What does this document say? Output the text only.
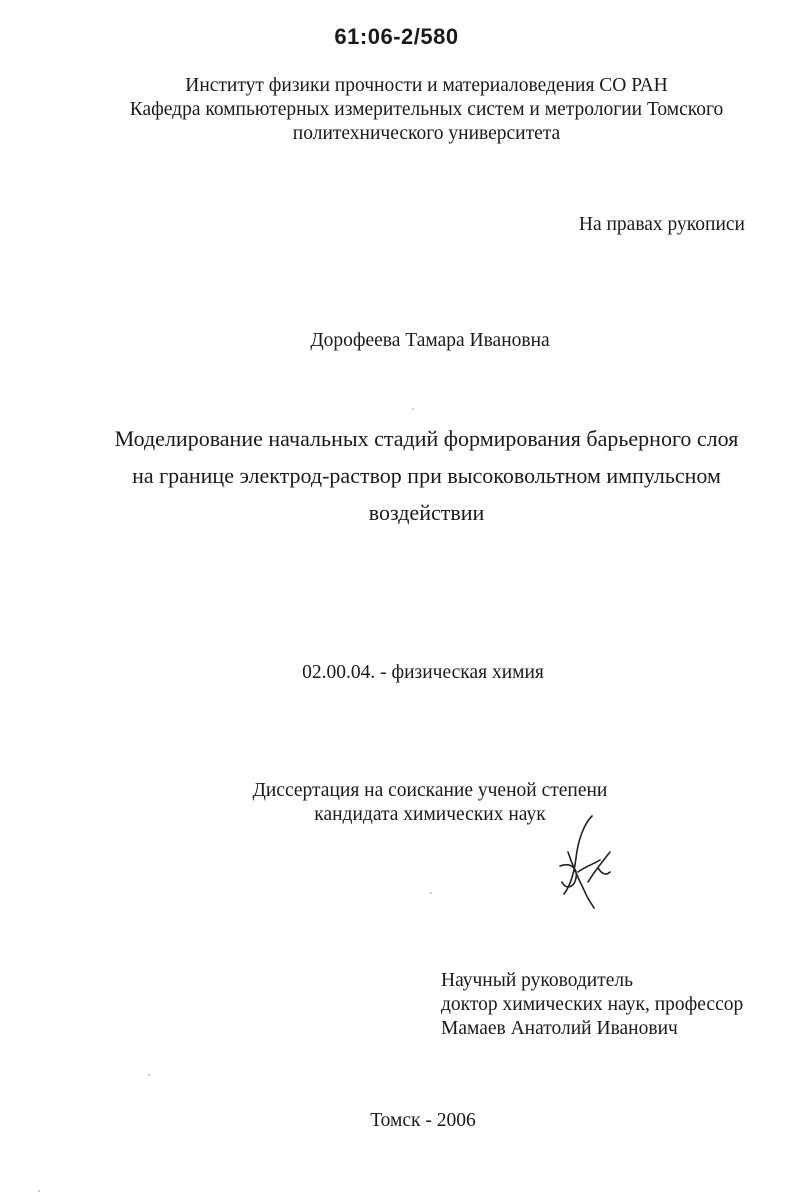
61:06-2/580
Институт физики прочности и материаловедения СО РАН
Кафедра компьютерных измерительных систем и метрологии Томского
политехнического университета
На правах рукописи
Дорофеева Тамара Ивановна
Моделирование начальных стадий формирования барьерного слоя
на границе электрод-раствор при высоковольтном импульсном
воздействии
02.00.04. - физическая химия
Диссертация на соискание ученой степени
кандидата химических наук
Научный руководитель
доктор химических наук, профессор
Мамаев Анатолий Иванович
Томск - 2006
